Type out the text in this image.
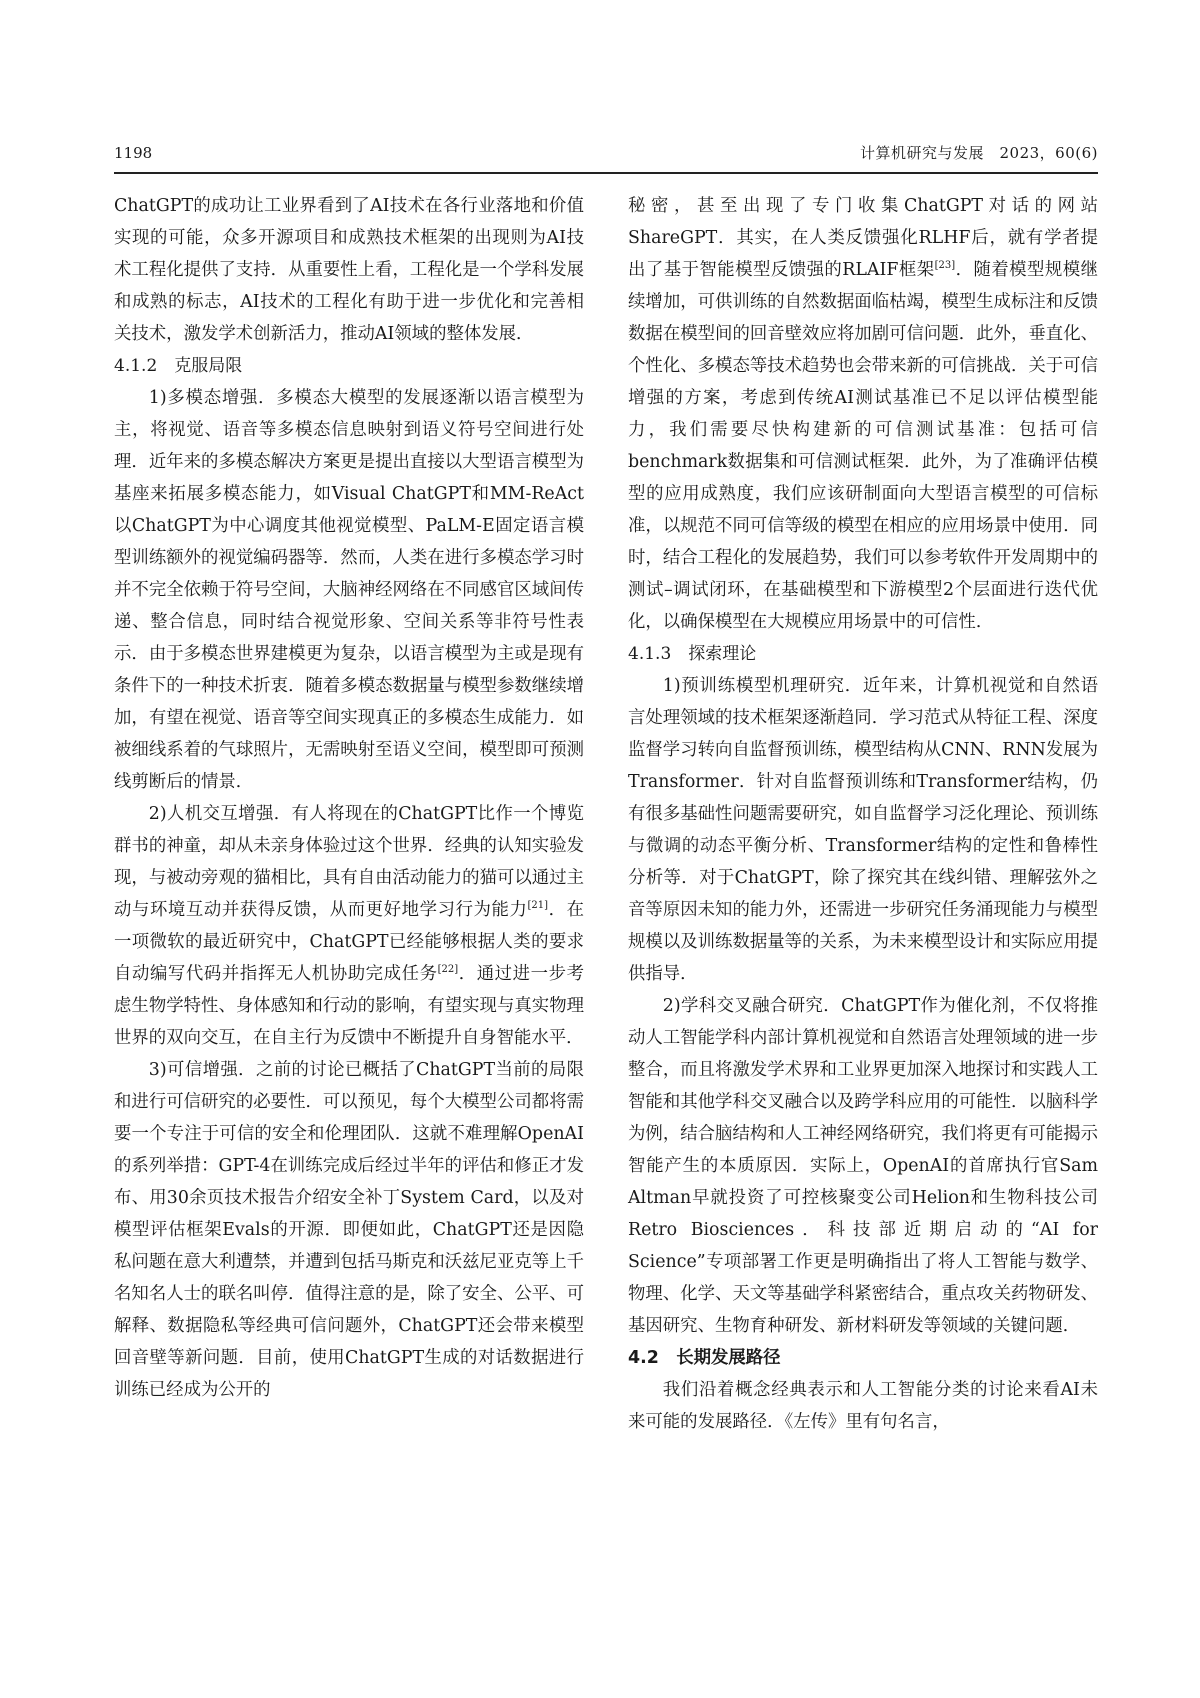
1198	计算机研究与发展　2023，60(6)

ChatGPT的成功让工业界看到了AI技术在各行业落地和价值实现的可能，众多开源项目和成熟技术框架的出现则为AI技术工程化提供了支持．从重要性上看，工程化是一个学科发展和成熟的标志，AI技术的工程化有助于进一步优化和完善相关技术，激发学术创新活力，推动AI领域的整体发展．

4.1.2　克服局限

1)多模态增强．多模态大模型的发展逐渐以语言模型为主，将视觉、语音等多模态信息映射到语义符号空间进行处理．近年来的多模态解决方案更是提出直接以大型语言模型为基座来拓展多模态能力，如Visual ChatGPT和MM-ReAct以ChatGPT为中心调度其他视觉模型、PaLM-E固定语言模型训练额外的视觉编码器等．然而，人类在进行多模态学习时并不完全依赖于符号空间，大脑神经网络在不同感官区域间传递、整合信息，同时结合视觉形象、空间关系等非符号性表示．由于多模态世界建模更为复杂，以语言模型为主或是现有条件下的一种技术折衷．随着多模态数据量与模型参数继续增加，有望在视觉、语音等空间实现真正的多模态生成能力．如被细线系着的气球照片，无需映射至语义空间，模型即可预测线剪断后的情景．

2)人机交互增强．有人将现在的ChatGPT比作一个博览群书的神童，却从未亲身体验过这个世界．经典的认知实验发现，与被动旁观的猫相比，具有自由活动能力的猫可以通过主动与环境互动并获得反馈，从而更好地学习行为能力[21]．在一项微软的最近研究中，ChatGPT已经能够根据人类的要求自动编写代码并指挥无人机协助完成任务[22]．通过进一步考虑生物学特性、身体感知和行动的影响，有望实现与真实物理世界的双向交互，在自主行为反馈中不断提升自身智能水平．

3)可信增强．之前的讨论已概括了ChatGPT当前的局限和进行可信研究的必要性．可以预见，每个大模型公司都将需要一个专注于可信的安全和伦理团队．这就不难理解OpenAI的系列举措：GPT-4在训练完成后经过半年的评估和修正才发布、用30余页技术报告介绍安全补丁System Card，以及对模型评估框架Evals的开源．即便如此，ChatGPT还是因隐私问题在意大利遭禁，并遭到包括马斯克和沃兹尼亚克等上千名知名人士的联名叫停．值得注意的是，除了安全、公平、可解释、数据隐私等经典可信问题外，ChatGPT还会带来模型回音壁等新问题．目前，使用ChatGPT生成的对话数据进行训练已经成为公开的

秘密，甚至出现了专门收集ChatGPT对话的网站ShareGPT．其实，在人类反馈强化RLHF后，就有学者提出了基于智能模型反馈强的RLAIF框架[23]．随着模型规模继续增加，可供训练的自然数据面临枯竭，模型生成标注和反馈数据在模型间的回音壁效应将加剧可信问题．此外，垂直化、个性化、多模态等技术趋势也会带来新的可信挑战．关于可信增强的方案，考虑到传统AI测试基准已不足以评估模型能力，我们需要尽快构建新的可信测试基准：包括可信benchmark数据集和可信测试框架．此外，为了准确评估模型的应用成熟度，我们应该研制面向大型语言模型的可信标准，以规范不同可信等级的模型在相应的应用场景中使用．同时，结合工程化的发展趋势，我们可以参考软件开发周期中的测试–调试闭环，在基础模型和下游模型2个层面进行迭代优化，以确保模型在大规模应用场景中的可信性．

4.1.3　探索理论

1)预训练模型机理研究．近年来，计算机视觉和自然语言处理领域的技术框架逐渐趋同．学习范式从特征工程、深度监督学习转向自监督预训练，模型结构从CNN、RNN发展为Transformer．针对自监督预训练和Transformer结构，仍有很多基础性问题需要研究，如自监督学习泛化理论、预训练与微调的动态平衡分析、Transformer结构的定性和鲁棒性分析等．对于ChatGPT，除了探究其在线纠错、理解弦外之音等原因未知的能力外，还需进一步研究任务涌现能力与模型规模以及训练数据量等的关系，为未来模型设计和实际应用提供指导．

2)学科交叉融合研究．ChatGPT作为催化剂，不仅将推动人工智能学科内部计算机视觉和自然语言处理领域的进一步整合，而且将激发学术界和工业界更加深入地探讨和实践人工智能和其他学科交叉融合以及跨学科应用的可能性．以脑科学为例，结合脑结构和人工神经网络研究，我们将更有可能揭示智能产生的本质原因．实际上，OpenAI的首席执行官Sam Altman早就投资了可控核聚变公司Helion和生物科技公司Retro Biosciences．科技部近期启动的“AI for Science”专项部署工作更是明确指出了将人工智能与数学、物理、化学、天文等基础学科紧密结合，重点攻关药物研发、基因研究、生物育种研发、新材料研发等领域的关键问题．

4.2　长期发展路径

我们沿着概念经典表示和人工智能分类的讨论来看AI未来可能的发展路径．《左传》里有句名言，
